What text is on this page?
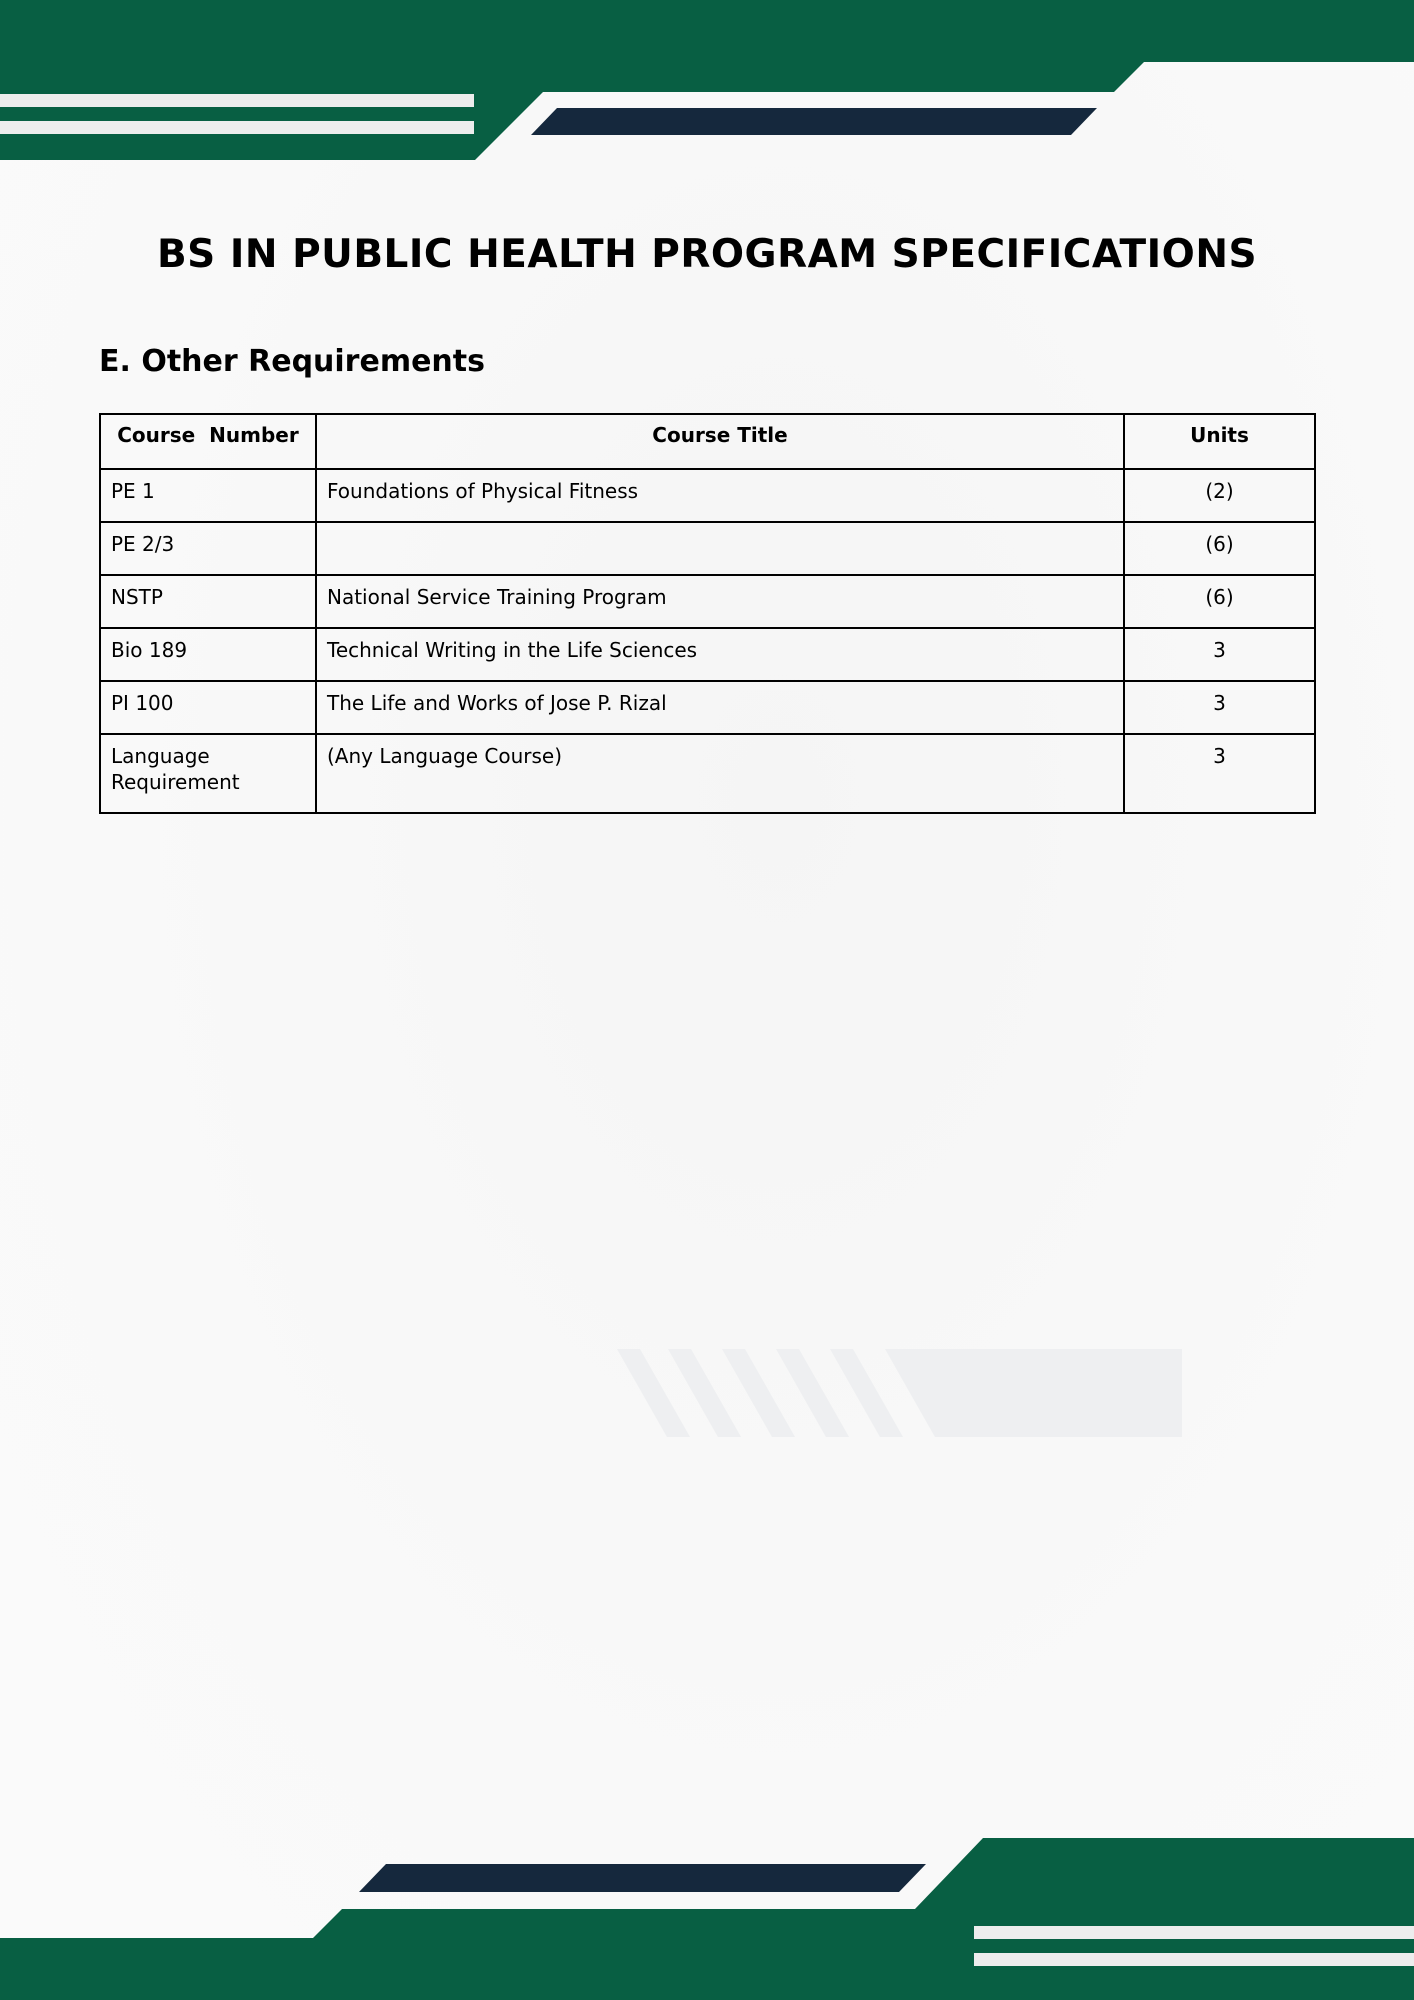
BS IN PUBLIC HEALTH PROGRAM SPECIFICATIONS
E. Other Requirements
Course  Number	Course Title	Units
PE 1	Foundations of Physical Fitness	(2)
PE 2/3		(6)
NSTP	National Service Training Program	(6)
Bio 189	Technical Writing in the Life Sciences	3
PI 100	The Life and Works of Jose P. Rizal	3
Language Requirement	(Any Language Course)	3
